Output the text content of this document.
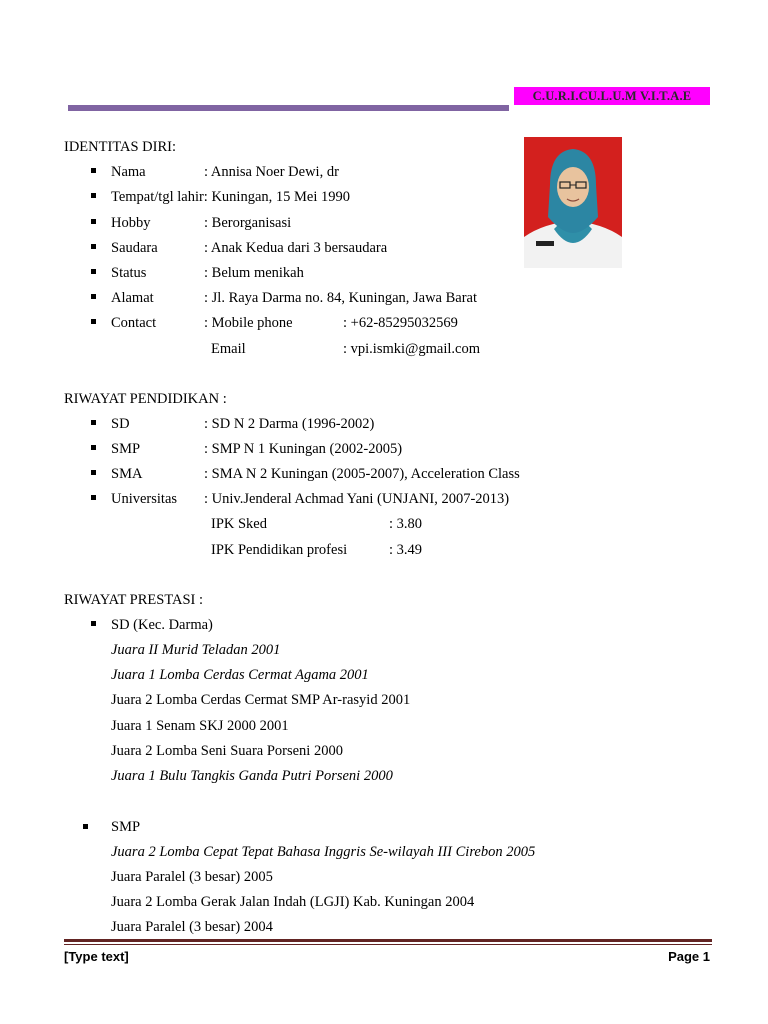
C.U.R.I.CU.L.U.M V.I.T.A.E
IDENTITAS DIRI:
Nama	: Annisa Noer Dewi, dr
Tempat/tgl lahir: Kuningan, 15 Mei 1990
Hobby	: Berorganisasi
Saudara	: Anak Kedua dari 3 bersaudara
Status	: Belum menikah
Alamat	: Jl. Raya Darma no. 84, Kuningan, Jawa Barat
Contact	: Mobile phone	: +62-85295032569
Email	: vpi.ismki@gmail.com
RIWAYAT PENDIDIKAN :
SD	: SD N 2 Darma (1996-2002)
SMP	: SMP N 1 Kuningan (2002-2005)
SMA	: SMA N 2 Kuningan (2005-2007), Acceleration Class
Universitas : Univ.Jenderal Achmad Yani (UNJANI, 2007-2013)
IPK Sked	: 3.80
IPK Pendidikan profesi	: 3.49
RIWAYAT PRESTASI :
SD (Kec. Darma)
Juara II Murid Teladan 2001
Juara 1 Lomba Cerdas Cermat Agama 2001
Juara 2 Lomba Cerdas Cermat SMP Ar-rasyid 2001
Juara 1 Senam SKJ 2000 2001
Juara 2 Lomba Seni Suara Porseni 2000
Juara 1 Bulu Tangkis Ganda Putri Porseni 2000
SMP
Juara 2 Lomba Cepat Tepat Bahasa Inggris Se-wilayah III Cirebon 2005
Juara Paralel (3 besar) 2005
Juara 2 Lomba Gerak Jalan Indah (LGJI) Kab. Kuningan 2004
Juara Paralel (3 besar) 2004
[Type text]	Page 1
